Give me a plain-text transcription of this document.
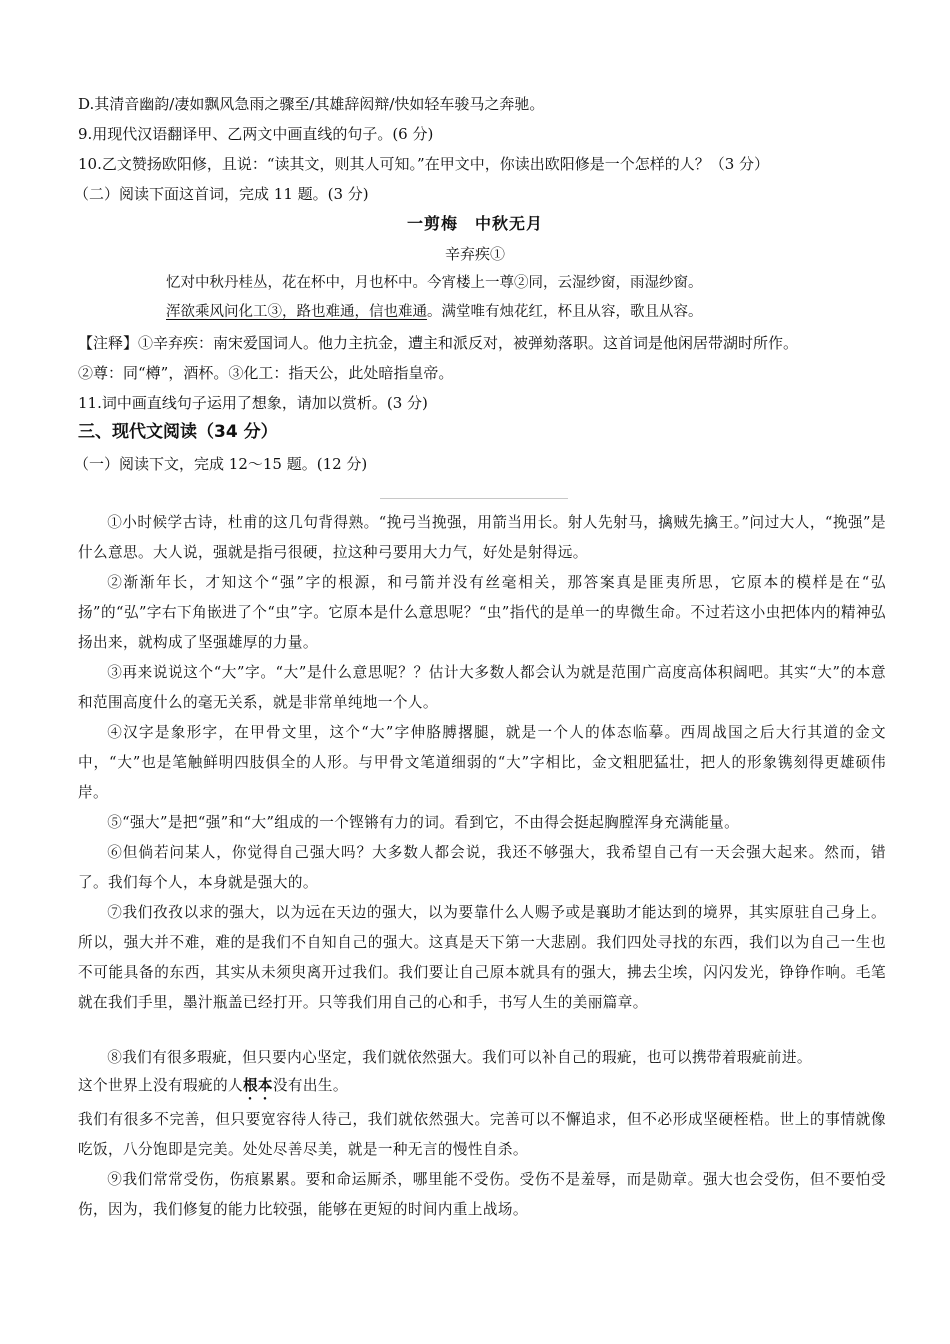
D.其清音幽韵/凄如飘风急雨之骤至/其雄辞闳辩/快如轻车骏马之奔驰。
9.用现代汉语翻译甲、乙两文中画直线的句子。(6 分)
10.乙文赞扬欧阳修，且说：“读其文，则其人可知。”在甲文中，你读出欧阳修是一个怎样的人？（3 分）
（二）阅读下面这首词，完成 11 题。(3 分)
一剪梅　中秋无月
辛弃疾①
忆对中秋丹桂丛，花在杯中，月也杯中。今宵楼上一尊②同，云湿纱窗，雨湿纱窗。
浑欲乘风问化工③，路也难通，信也难通。满堂唯有烛花红，杯且从容，歌且从容。
【注释】①辛弃疾：南宋爱国词人。他力主抗金，遭主和派反对，被弹劾落职。这首词是他闲居带湖时所作。
②尊：同“樽”，酒杯。③化工：指天公，此处暗指皇帝。
11.词中画直线句子运用了想象，请加以赏析。(3 分)
三、现代文阅读（34 分）
（一）阅读下文，完成 12～15 题。(12 分)
①小时候学古诗，杜甫的这几句背得熟。“挽弓当挽强，用箭当用长。射人先射马，擒贼先擒王。”问过大人，“挽强”是什么意思。大人说，强就是指弓很硬，拉这种弓要用大力气，好处是射得远。
②渐渐年长，才知这个“强”字的根源，和弓箭并没有丝毫相关，那答案真是匪夷所思，它原本的模样是在“弘扬”的“弘”字右下角嵌进了个“虫”字。它原本是什么意思呢？“虫”指代的是单一的卑微生命。不过若这小虫把体内的精神弘扬出来，就构成了坚强雄厚的力量。
③再来说说这个“大”字。“大”是什么意思呢？？估计大多数人都会认为就是范围广高度高体积阔吧。其实“大”的本意和范围高度什么的毫无关系，就是非常单纯地一个人。
④汉字是象形字，在甲骨文里，这个“大”字伸胳膊撂腿，就是一个人的体态临摹。西周战国之后大行其道的金文中，“大”也是笔触鲜明四肢俱全的人形。与甲骨文笔道细弱的“大”字相比，金文粗肥猛壮，把人的形象镌刻得更雄硕伟岸。
⑤“强大”是把“强”和“大”组成的一个铿锵有力的词。看到它，不由得会挺起胸膛浑身充满能量。
⑥但倘若问某人，你觉得自己强大吗？大多数人都会说，我还不够强大，我希望自己有一天会强大起来。然而，错了。我们每个人，本身就是强大的。
⑦我们孜孜以求的强大，以为远在天边的强大，以为要靠什么人赐予或是襄助才能达到的境界，其实原驻自己身上。所以，强大并不难，难的是我们不自知自己的强大。这真是天下第一大悲剧。我们四处寻找的东西，我们以为自己一生也不可能具备的东西，其实从未须臾离开过我们。我们要让自己原本就具有的强大，拂去尘埃，闪闪发光，铮铮作响。毛笔就在我们手里，墨汁瓶盖已经打开。只等我们用自己的心和手，书写人生的美丽篇章。
⑧我们有很多瑕疵，但只要内心坚定，我们就依然强大。我们可以补自己的瑕疵，也可以携带着瑕疵前进。
这个世界上没有瑕疵的人根本没有出生。
我们有很多不完善，但只要宽容待人待己，我们就依然强大。完善可以不懈追求，但不必形成坚硬桎梏。世上的事情就像吃饭，八分饱即是完美。处处尽善尽美，就是一种无言的慢性自杀。
⑨我们常常受伤，伤痕累累。要和命运厮杀，哪里能不受伤。受伤不是羞辱，而是勋章。强大也会受伤，但不要怕受伤，因为，我们修复的能力比较强，能够在更短的时间内重上战场。
